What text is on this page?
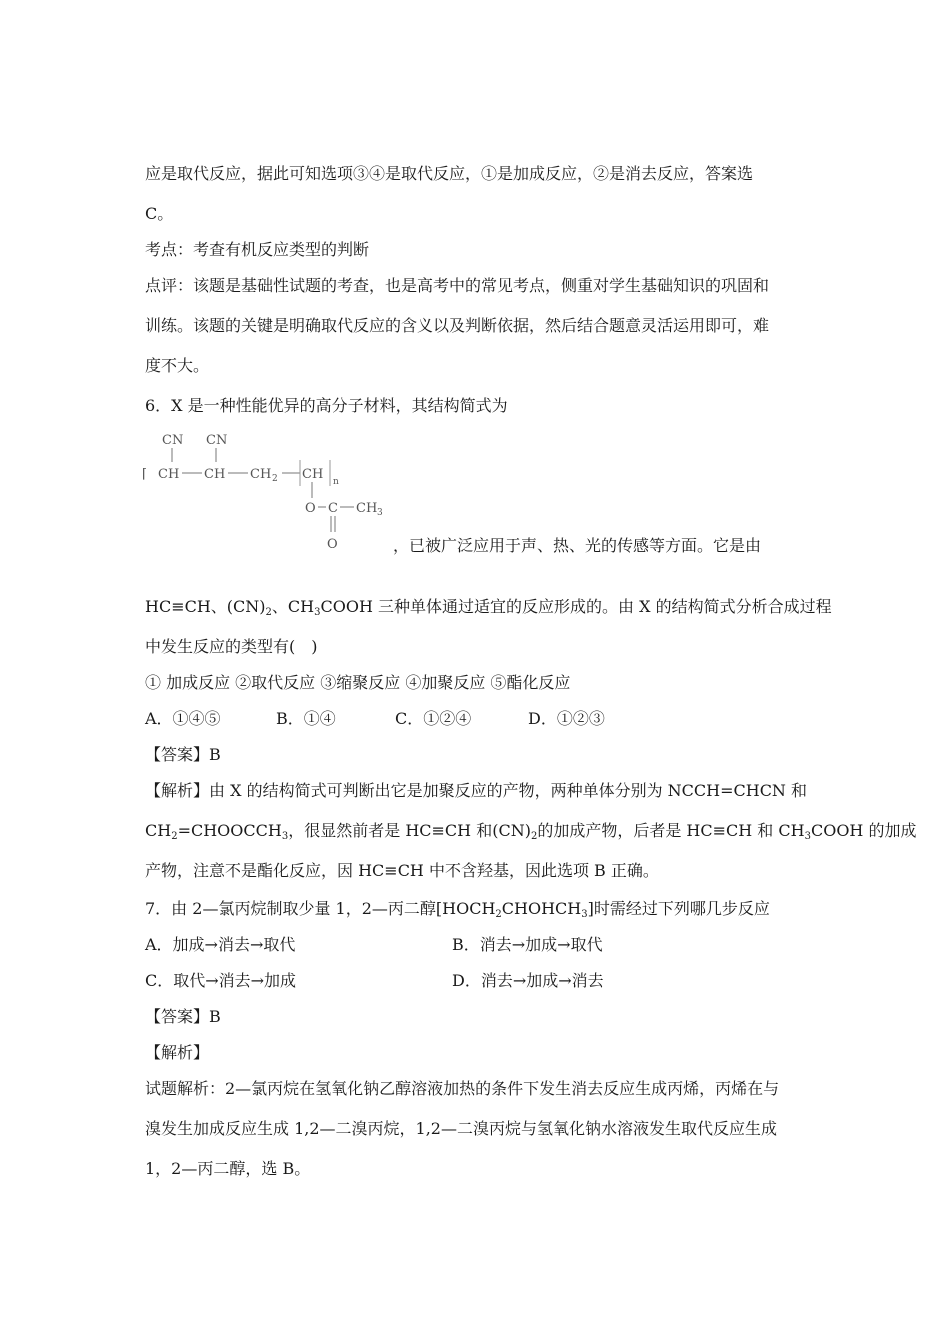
应是取代反应，据此可知选项③④是取代反应，①是加成反应，②是消去反应，答案选
C。
考点：考查有机反应类型的判断
点评：该题是基础性试题的考查，也是高考中的常见考点，侧重对学生基础知识的巩固和
训练。该题的关键是明确取代反应的含义以及判断依据，然后结合题意灵活运用即可，难
度不大。
6．X 是一种性能优异的高分子材料，其结构简式为
CN CN
⌈ CH CH CH 2 CH n
O C CH 3
O	，已被广泛应用于声、热、光的传感等方面。它是由
HC≡CH、$(CN)_2$、$CH_3COOH$ 三种单体通过适宜的反应形成的。由 X 的结构简式分析合成过程
中发生反应的类型有(　)
① 加成反应 ②取代反应 ③缩聚反应 ④加聚反应 ⑤酯化反应
A．①④⑤	B．①④	C．①②④	D．①②③
【答案】B
【解析】由 X 的结构简式可判断出它是加聚反应的产物，两种单体分别为 NCCH=CHCN 和
$CH_2=CHOOCCH_3$，很显然前者是 HC≡CH 和$(CN)_2$的加成产物，后者是 HC≡CH 和 $CH_3COOH$ 的加成
产物，注意不是酯化反应，因 HC≡CH 中不含羟基，因此选项 B 正确。
7．由 2—氯丙烷制取少量 1，2—丙二醇$[HOCH_2CHOHCH_3]$时需经过下列哪几步反应
A．加成→消去→取代	B．消去→加成→取代
C．取代→消去→加成	D．消去→加成→消去
【答案】B
【解析】
试题解析：2—氯丙烷在氢氧化钠乙醇溶液加热的条件下发生消去反应生成丙烯，丙烯在与
溴发生加成反应生成 1,2—二溴丙烷，1,2—二溴丙烷与氢氧化钠水溶液发生取代反应生成
1，2—丙二醇，选 B。
